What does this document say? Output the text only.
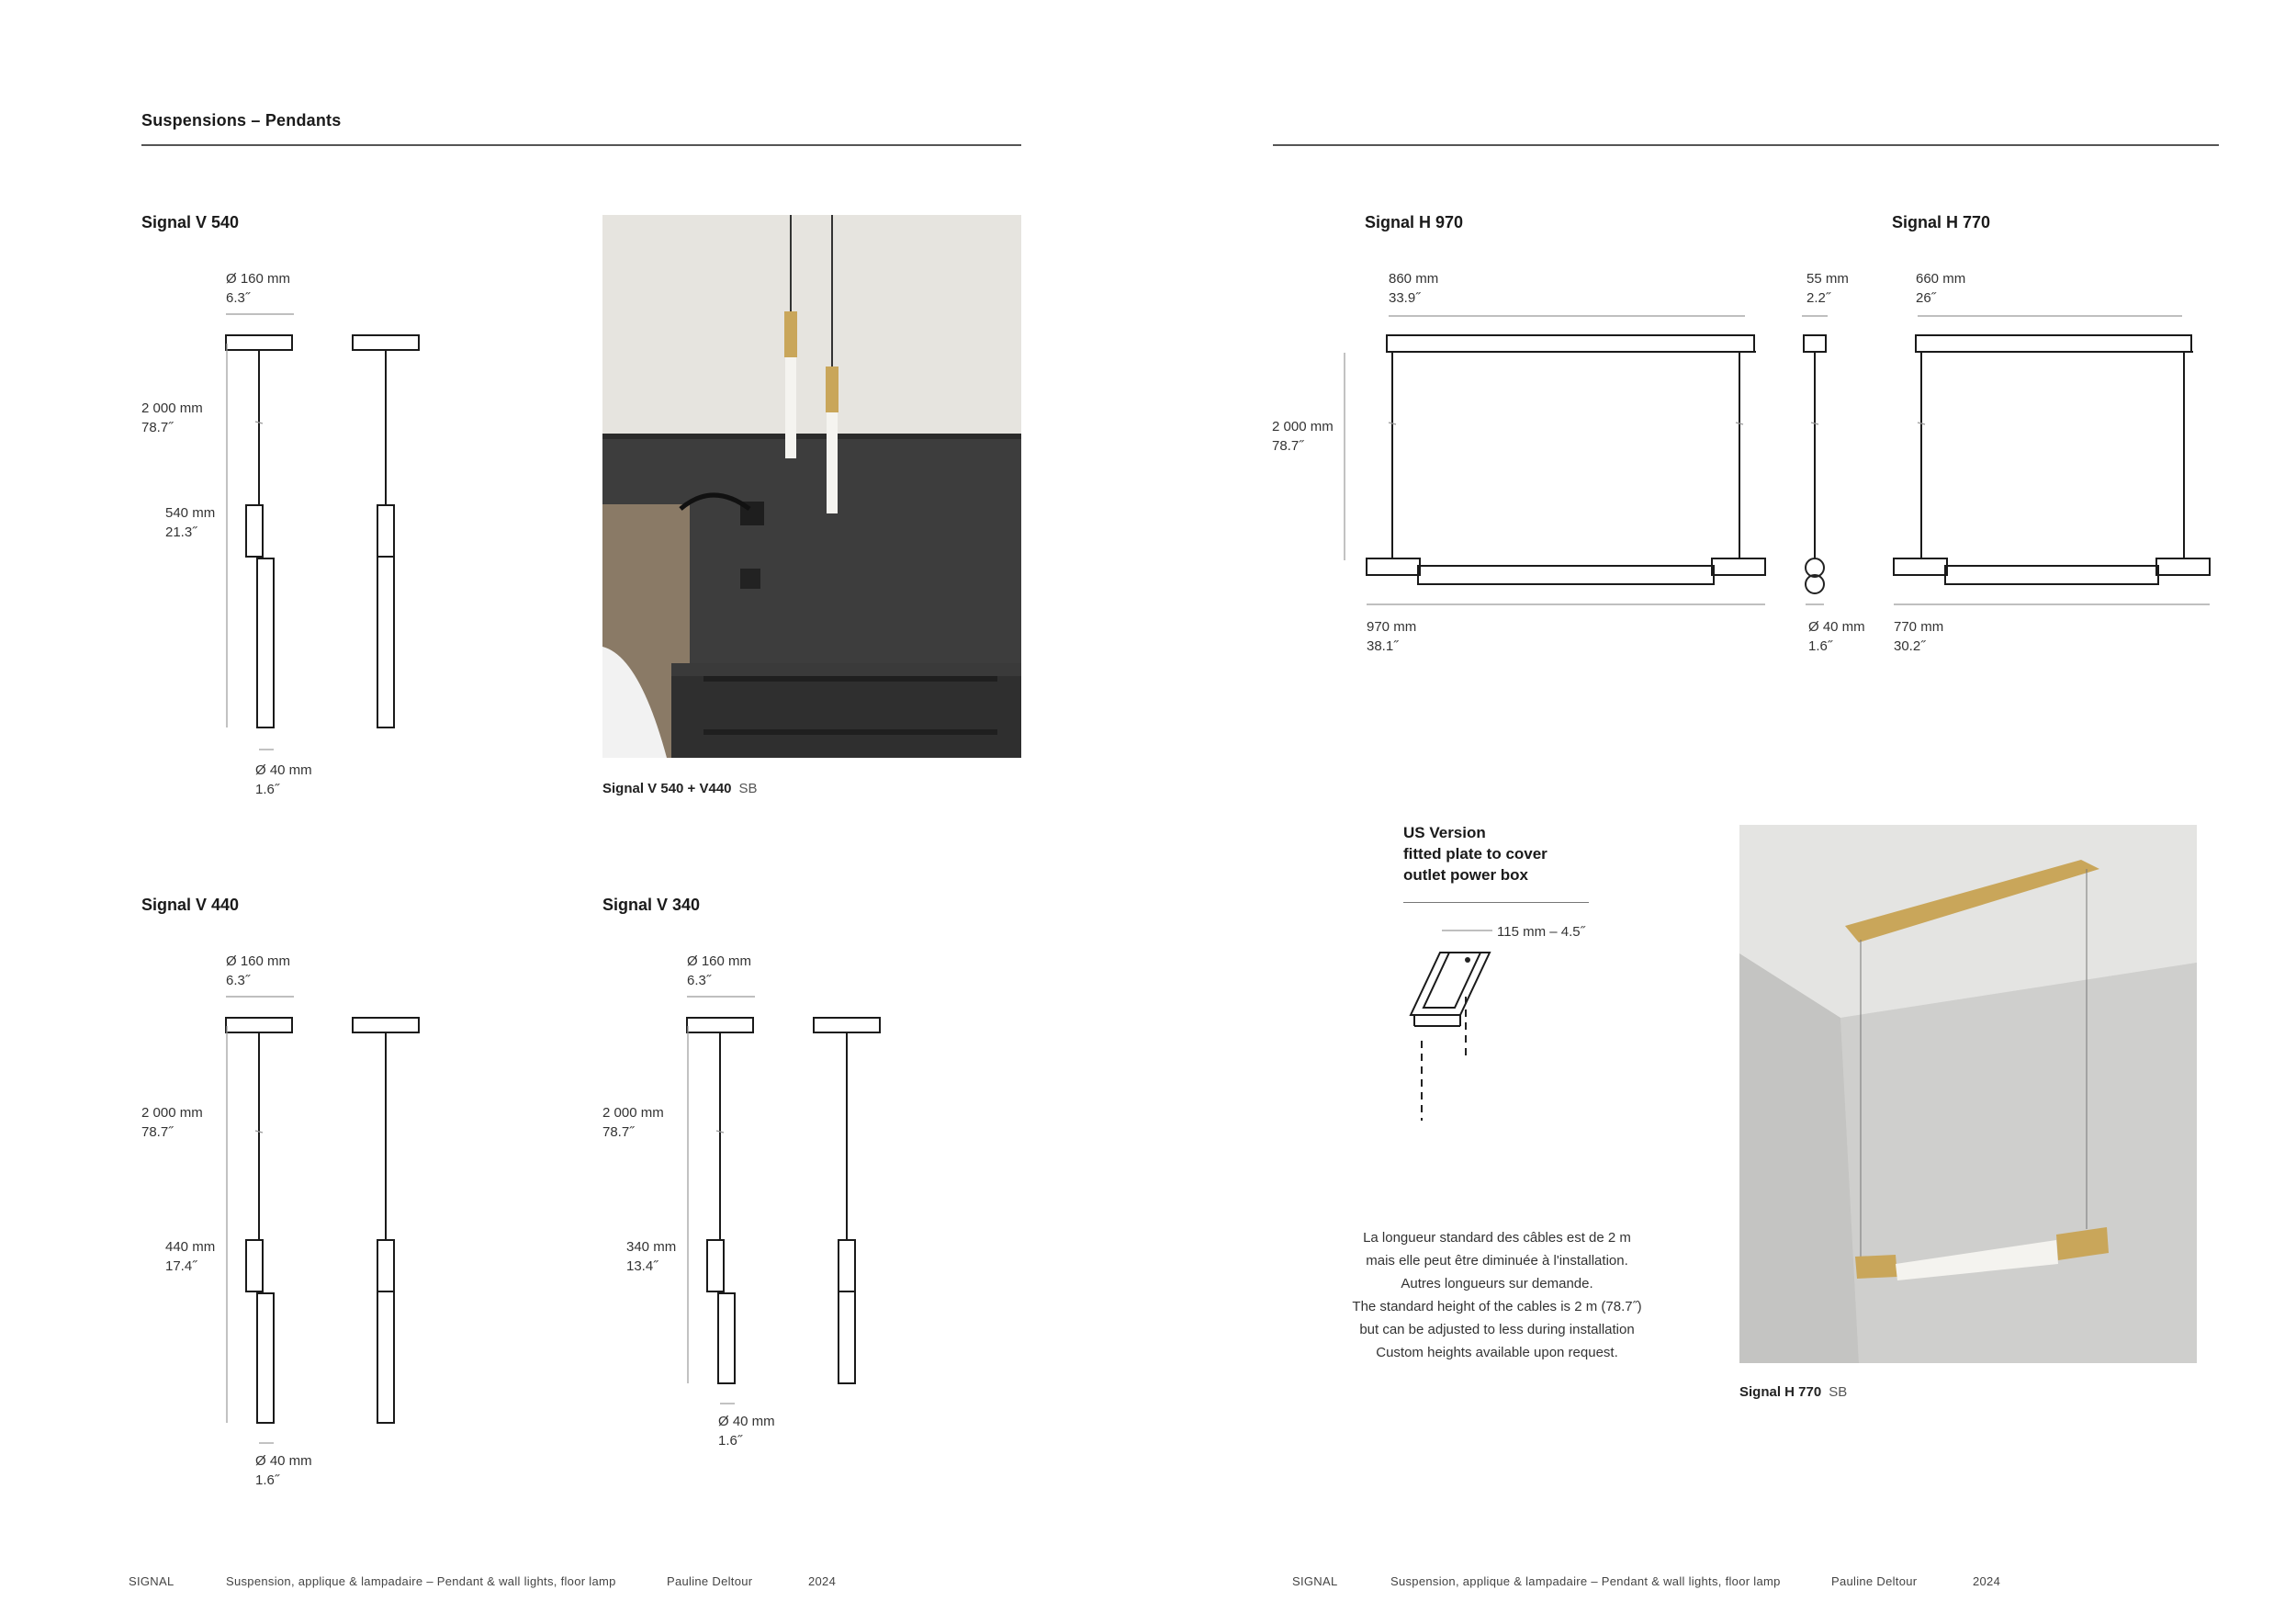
Suspensions – Pendants
Signal V 540
Ø 160 mm
6.3˝
2 000 mm
78.7˝
540 mm
21.3˝
Ø 40 mm
1.6˝	Signal V 540 + V440 SB
Signal V 440
Ø 160 mm
6.3˝
2 000 mm
78.7˝
440 mm
17.4˝
Ø 40 mm
1.6˝
Signal V 340
Ø 160 mm
6.3˝
2 000 mm
78.7˝
340 mm
13.4˝
Ø 40 mm
1.6˝
SIGNAL	Suspension, applique & lampadaire – Pendant & wall lights, floor lamp	Pauline Deltour	2024
Signal H 970
860 mm
33.9˝
2 000 mm
78.7˝
970 mm
38.1˝
55 mm
2.2˝
Ø 40 mm
1.6˝
Signal H 770
660 mm
26˝
770 mm
30.2˝
US Version
fitted plate to cover
outlet power box
115 mm – 4.5˝
La longueur standard des câbles est de 2 m
mais elle peut être diminuée à l'installation.
Autres longueurs sur demande.
The standard height of the cables is 2 m (78.7˝)
but can be adjusted to less during installation
Custom heights available upon request.
Signal H 770 SB
SIGNAL	Suspension, applique & lampadaire – Pendant & wall lights, floor lamp	Pauline Deltour	2024
